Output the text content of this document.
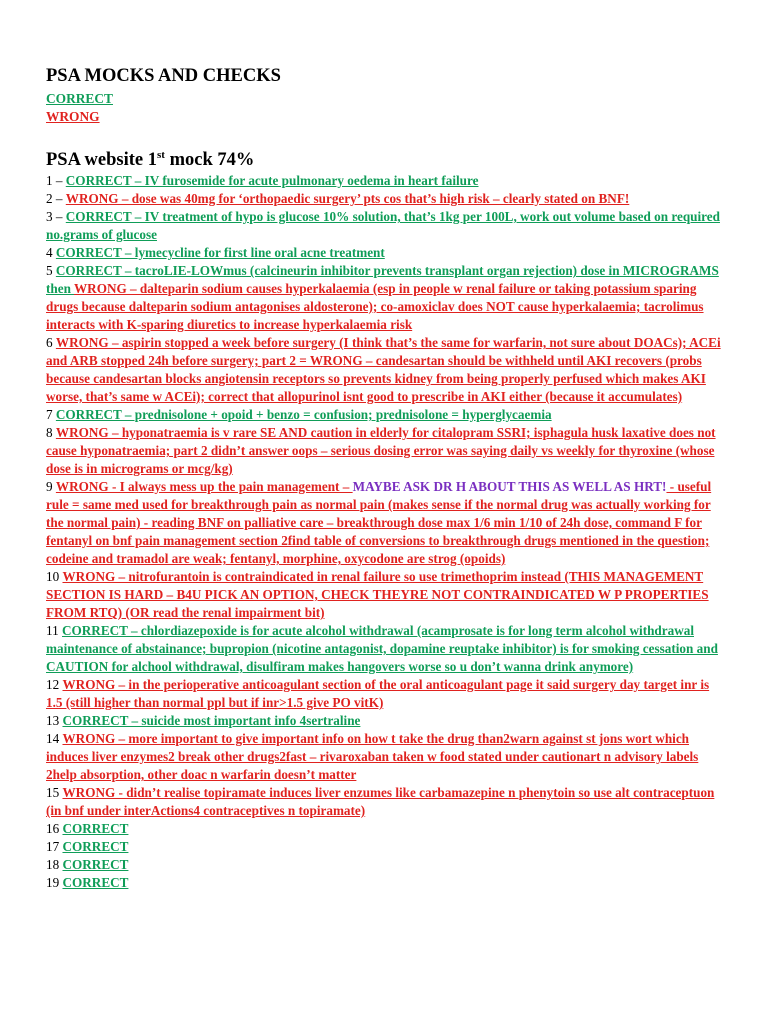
PSA MOCKS AND CHECKS
CORRECT
WRONG
PSA website 1st mock 74%
1 – CORRECT – IV furosemide for acute pulmonary oedema in heart failure
2 – WRONG – dose was 40mg for ‘orthopaedic surgery’ pts cos that’s high risk – clearly stated on BNF!
3 – CORRECT – IV treatment of hypo is glucose 10% solution, that’s 1kg per 100L, work out volume based on required no.grams of glucose
4 CORRECT – lymecycline for first line oral acne treatment
5 CORRECT – tacroLIE-LOWmus (calcineurin inhibitor prevents transplant organ rejection) dose in MICROGRAMS then WRONG – dalteparin sodium causes hyperkalaemia (esp in people w renal failure or taking potassium sparing drugs because dalteparin sodium antagonises aldosterone); co-amoxiclav does NOT cause hyperkalaemia; tacrolimus interacts with K-sparing diuretics to increase hyperkalaemia risk
6 WRONG – aspirin stopped a week before surgery (I think that’s the same for warfarin, not sure about DOACs); ACEi and ARB stopped 24h before surgery; part 2 = WRONG – candesartan should be withheld until AKI recovers (probs because candesartan blocks angiotensin receptors so prevents kidney from being properly perfused which makes AKI worse, that’s same w ACEi); correct that allopurinol isnt good to prescribe in AKI either (because it accumulates)
7 CORRECT – prednisolone + opoid + benzo = confusion; prednisolone = hyperglycaemia
8 WRONG – hyponatraemia is v rare SE AND caution in elderly for citalopram SSRI; isphagula husk laxative does not cause hyponatraemia; part 2 didn’t answer oops – serious dosing error was saying daily vs weekly for thyroxine (whose dose is in micrograms or mcg/kg)
9 WRONG - I always mess up the pain management – MAYBE ASK DR H ABOUT THIS AS WELL AS HRT! - useful rule = same med used for breakthrough pain as normal pain (makes sense if the normal drug was actually working for the normal pain) - reading BNF on palliative care – breakthrough dose max 1/6 min 1/10 of 24h dose, command F for fentanyl on bnf pain management section 2find table of conversions to breakthrough drugs mentioned in the question; codeine and tramadol are weak; fentanyl, morphine, oxycodone are strog (opoids)
10 WRONG – nitrofurantoin is contraindicated in renal failure so use trimethoprim instead (THIS MANAGEMENT SECTION IS HARD – B4U PICK AN OPTION, CHECK THEYRE NOT CONTRAINDICATED W P PROPERTIES FROM RTQ) (OR read the renal impairment bit)
11 CORRECT – chlordiazepoxide is for acute alcohol withdrawal (acamprosate is for long term alcohol withdrawal maintenance of abstainance; bupropion (nicotine antagonist, dopamine reuptake inhibitor) is for smoking cessation and CAUTION for alchool withdrawal, disulfiram makes hangovers worse so u don’t wanna drink anymore)
12 WRONG – in the perioperative anticoagulant section of the oral anticoagulant page it said surgery day target inr is 1.5 (still higher than normal ppl but if inr>1.5 give PO vitK)
13 CORRECT – suicide most important info 4sertraline
14 WRONG – more important to give important info on how t take the drug than2warn against st jons wort which induces liver enzymes2 break other drugs2fast – rivaroxaban taken w food stated under cautionart n advisory labels 2help absorption, other doac n warfarin doesn’t matter
15 WRONG - didn’t realise topiramate induces liver enzumes like carbamazepine n phenytoin so use alt contraceptuon (in bnf under interActions4 contraceptives n topiramate)
16 CORRECT
17 CORRECT
18 CORRECT
19 CORRECT
